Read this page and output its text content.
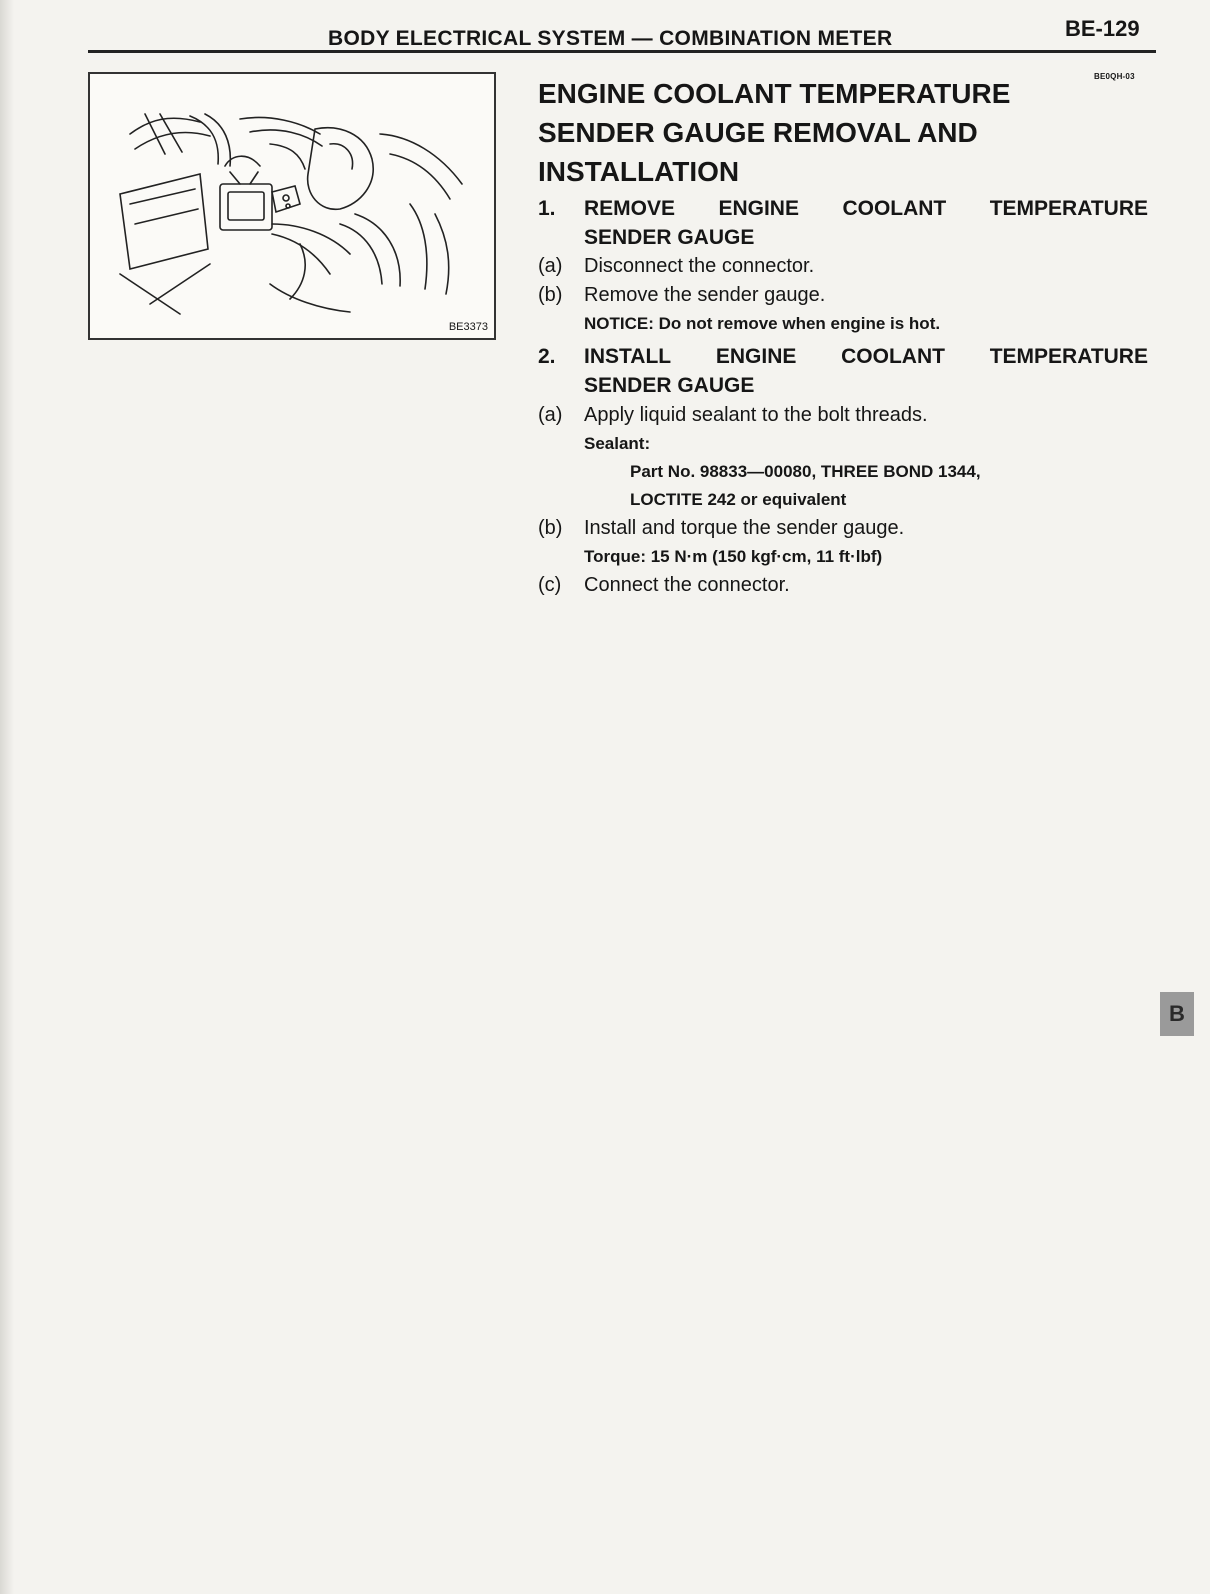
BODY ELECTRICAL SYSTEM — COMBINATION METER	BE-129
BE3373
BE0QH-03
ENGINE COOLANT TEMPERATURE
SENDER GAUGE REMOVAL AND
INSTALLATION
1.	REMOVE ENGINE COOLANT TEMPERATURE
SENDER GAUGE
(a)	Disconnect the connector.
(b)	Remove the sender gauge.
NOTICE: Do not remove when engine is hot.
2.	INSTALL ENGINE COOLANT TEMPERATURE
SENDER GAUGE
(a)	Apply liquid sealant to the bolt threads.
Sealant:
Part No. 98833—00080, THREE BOND 1344,
LOCTITE 242 or equivalent
(b)	Install and torque the sender gauge.
Torque: 15 N·m (150 kgf·cm, 11 ft·lbf)
(c)	Connect the connector.
B
